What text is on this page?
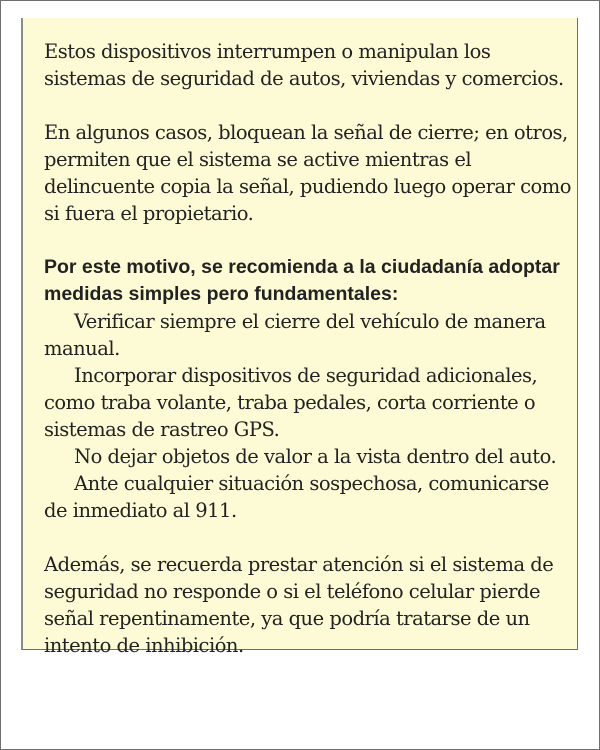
Estos dispositivos interrumpen o manipulan los sistemas de seguridad de autos, viviendas y comercios.

En algunos casos, bloquean la señal de cierre; en otros, permiten que el sistema se active mientras el delincuente copia la señal, pudiendo luego operar como si fuera el propietario.

Por este motivo, se recomienda a la ciudadanía adoptar medidas simples pero fundamentales:

Verificar siempre el cierre del vehículo de manera manual.

Incorporar dispositivos de seguridad adicionales, como traba volante, traba pedales, corta corriente o sistemas de rastreo GPS.

No dejar objetos de valor a la vista dentro del auto.

Ante cualquier situación sospechosa, comunicarse de inmediato al 911.

Además, se recuerda prestar atención si el sistema de seguridad no responde o si el teléfono celular pierde señal repentinamente, ya que podría tratarse de un intento de inhibición.
